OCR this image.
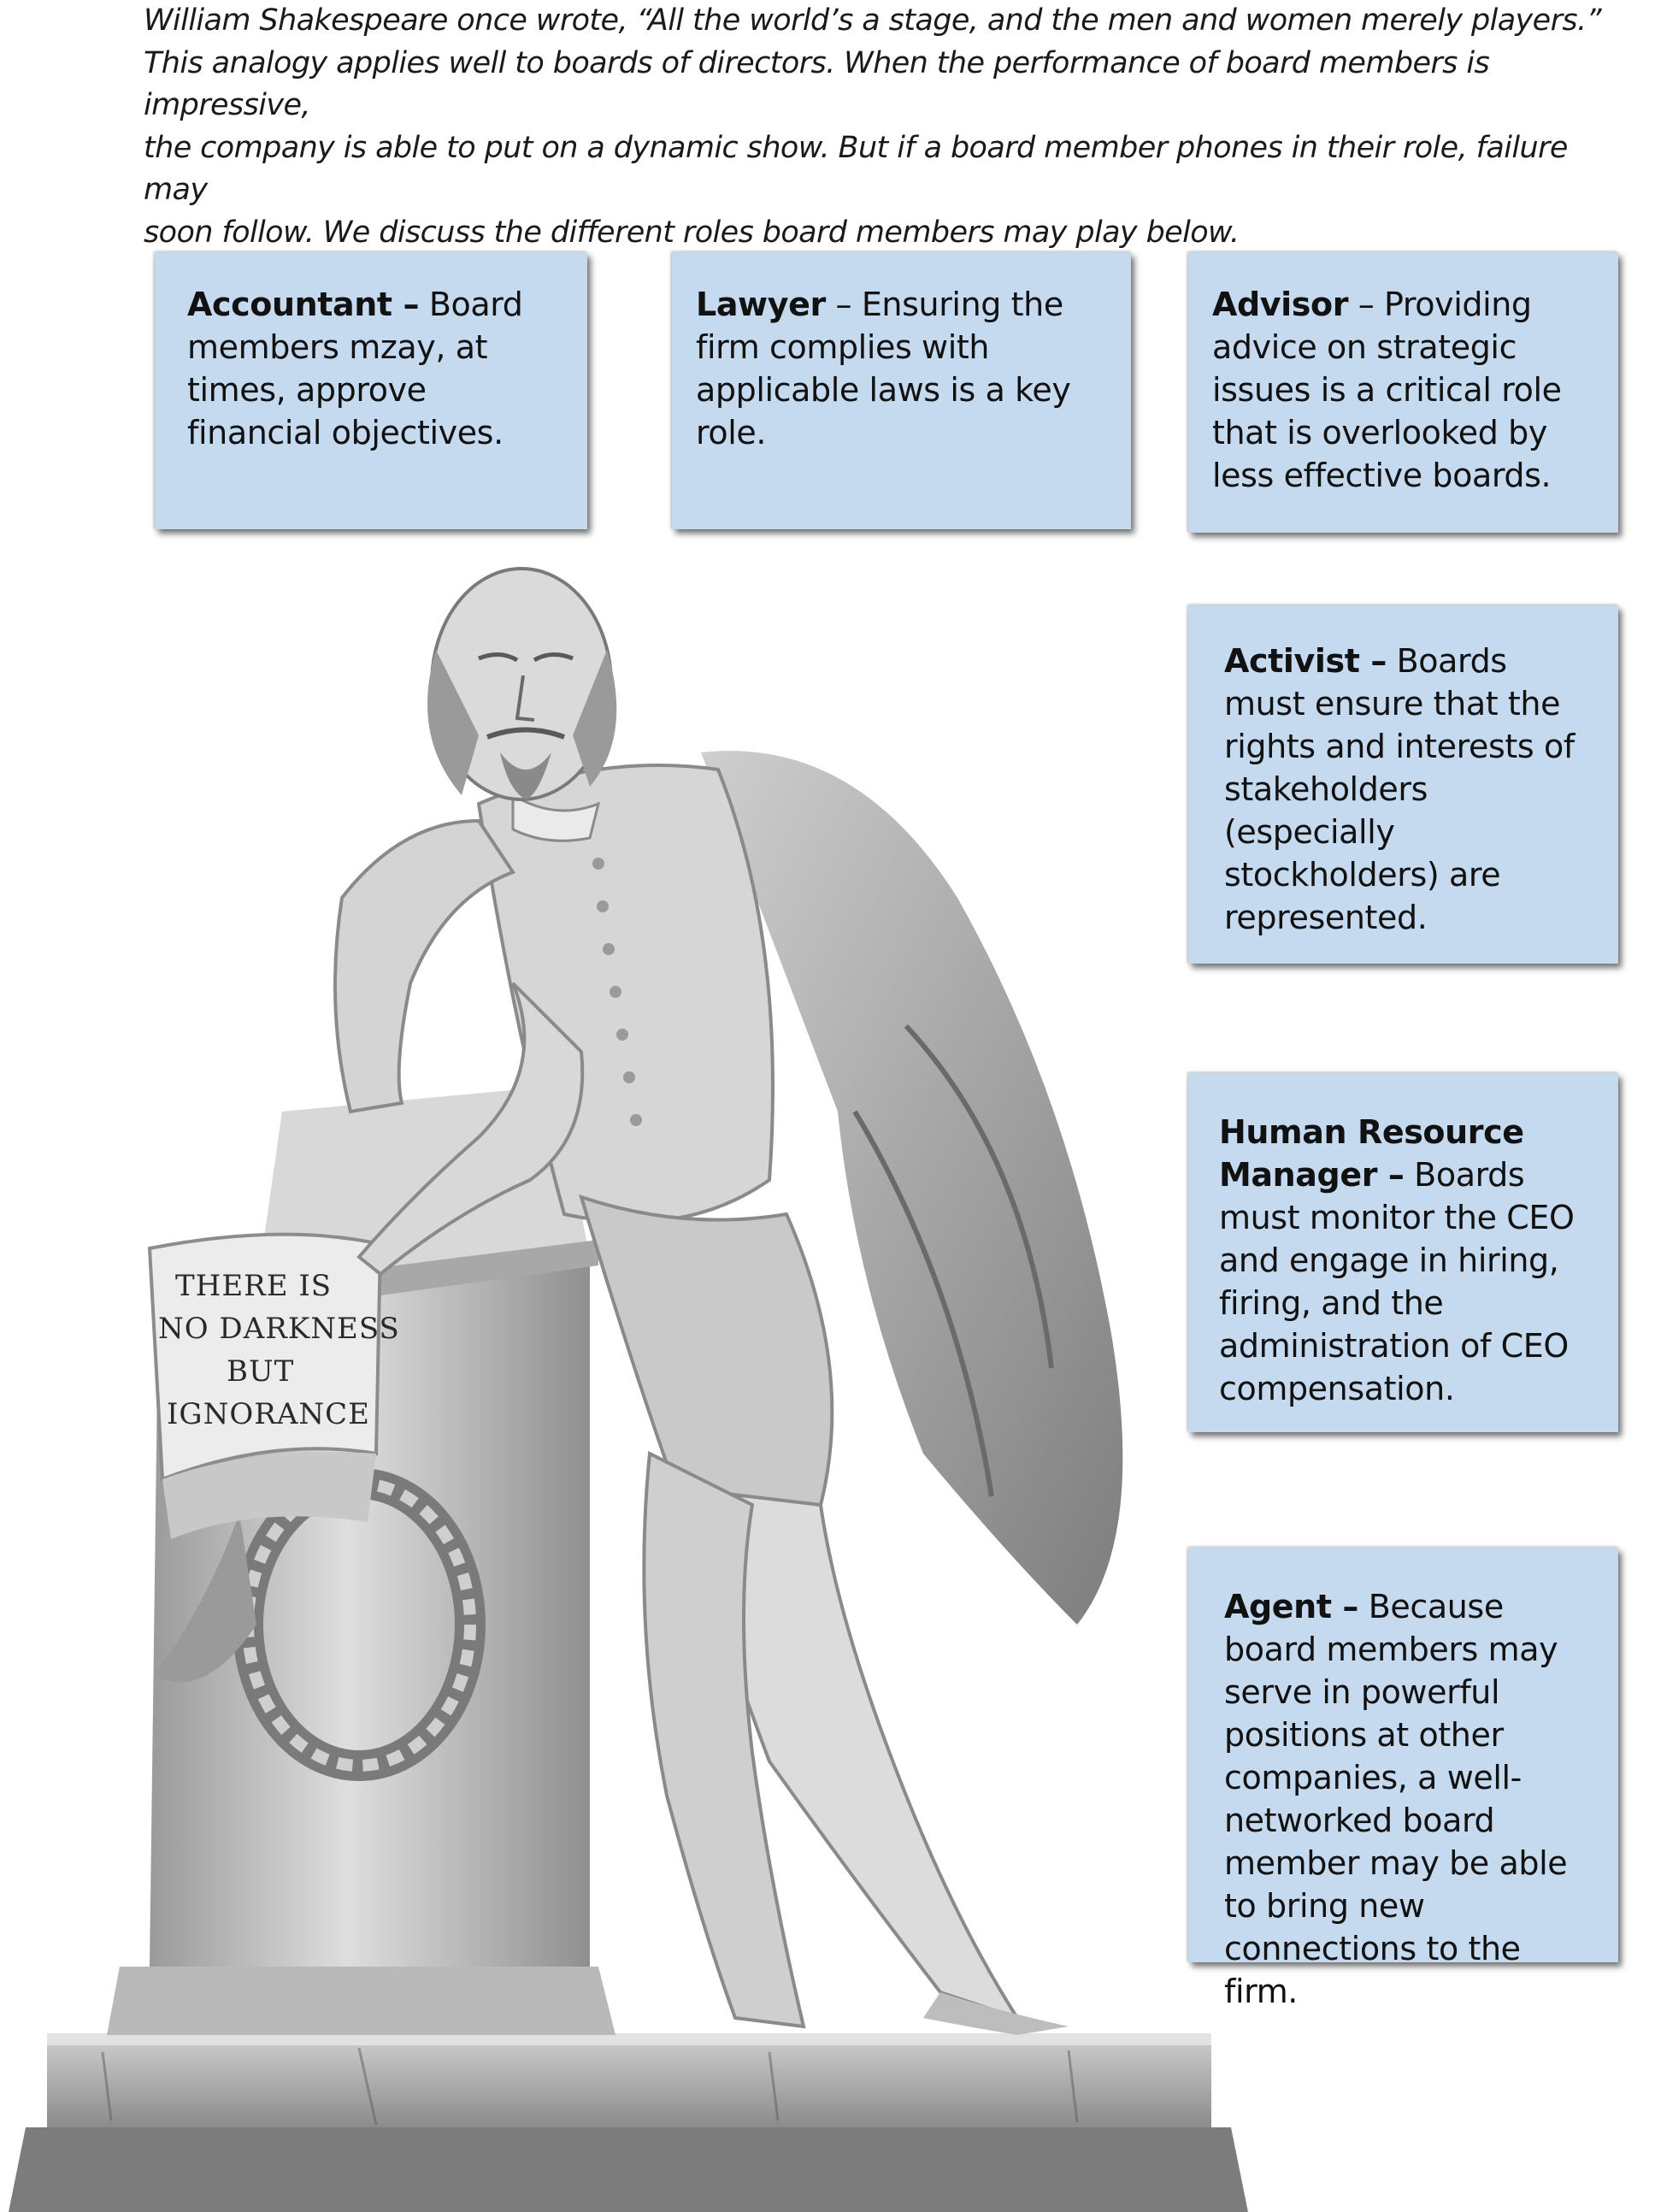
THERE IS NO DARKNESS BUT IGNORANCE
William Shakespeare once wrote, “All the world’s a stage, and the men and women merely players.”
This analogy applies well to boards of directors. When the performance of board members is impressive,
the company is able to put on a dynamic show. But if a board member phones in their role, failure may
soon follow. We discuss the different roles board members may play below.
Accountant – Board members mzay, at times, approve financial objectives.
Lawyer – Ensuring the firm complies with applicable laws is a key role.
Advisor – Providing advice on strategic issues is a critical role that is overlooked by less effective boards.
Activist – Boards must ensure that the rights and interests of stakeholders (especially stockholders) are represented.
Human Resource Manager – Boards must monitor the CEO and engage in hiring, firing, and the administration of CEO compensation.
Agent – Because board members may serve in powerful positions at other companies, a well-networked board member may be able to bring new connections to the firm.
